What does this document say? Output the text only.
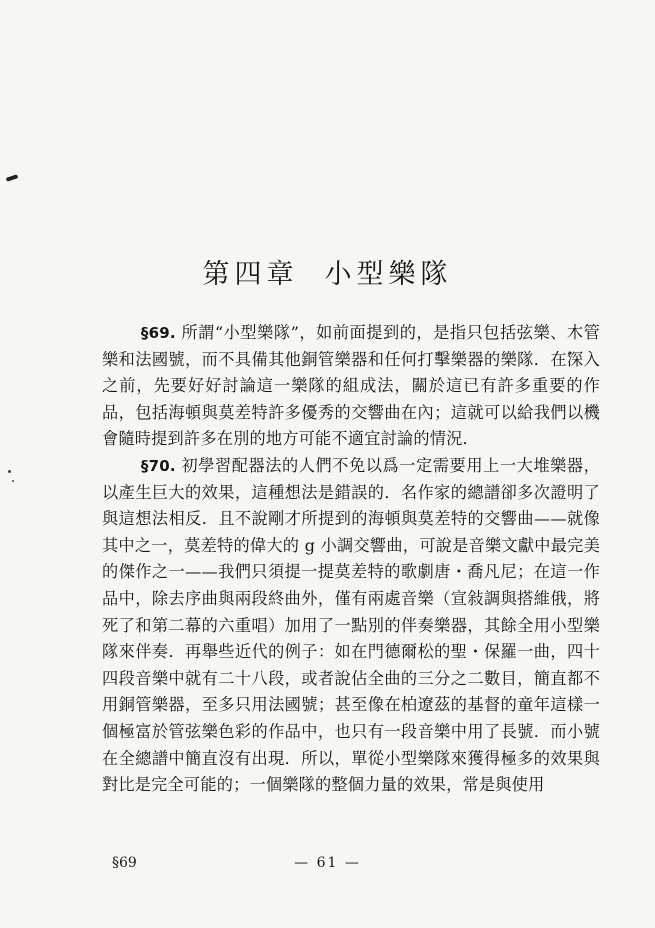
第四章 小型樂隊

§69. 所謂“小型樂隊”，如前面提到的，是指只包括弦樂、木管樂和法國號，而不具備其他銅管樂器和任何打擊樂器的樂隊．在深入之前，先要好好討論這一樂隊的組成法，關於這已有許多重要的作品，包括海頓與莫差特許多優秀的交響曲在內；這就可以給我們以機會隨時提到許多在別的地方可能不適宜討論的情況．

§70. 初學習配器法的人們不免以爲一定需要用上一大堆樂器，以產生巨大的效果，這種想法是錯誤的．名作家的總譜卻多次證明了與這想法相反．且不說剛才所提到的海頓與莫差特的交響曲——就像其中之一，莫差特的偉大的 g 小調交響曲，可說是音樂文獻中最完美的傑作之一——我們只須提一提莫差特的歌劇唐・喬凡尼；在這一作品中，除去序曲與兩段終曲外，僅有兩處音樂（宣敍調與搭維俄，將死了和第二幕的六重唱）加用了一點別的伴奏樂器，其餘全用小型樂隊來伴奏．再舉些近代的例子：如在門德爾松的聖・保羅一曲，四十四段音樂中就有二十八段，或者說佔全曲的三分之二數目，簡直都不用銅管樂器，至多只用法國號；甚至像在柏遼茲的基督的童年這樣一個極富於管弦樂色彩的作品中，也只有一段音樂中用了長號．而小號在全總譜中簡直沒有出現．所以，單從小型樂隊來獲得極多的效果與對比是完全可能的；一個樂隊的整個力量的效果，常是與使用

§69	— 61 —
